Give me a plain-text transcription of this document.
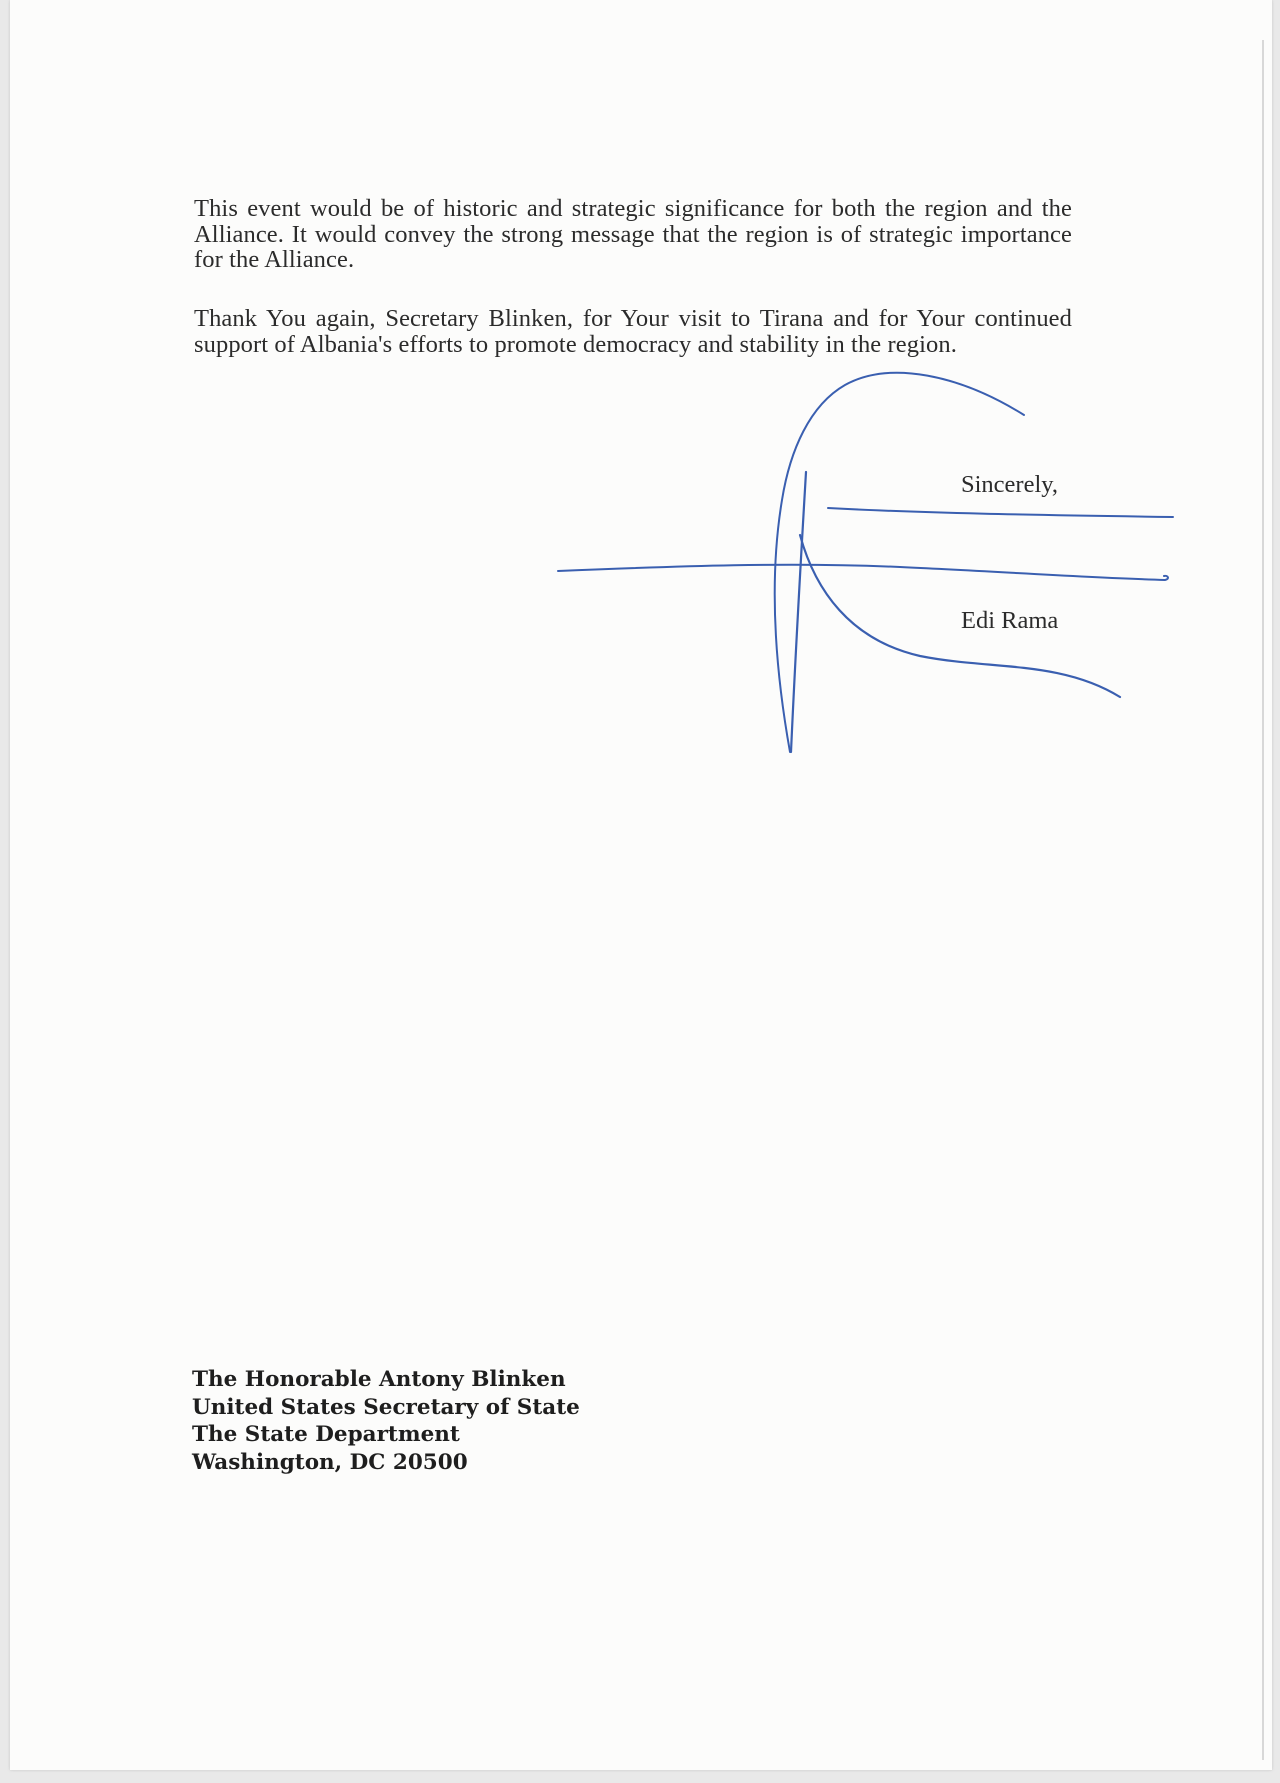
This event would be of historic and strategic significance for both the region and the Alliance. It would convey the strong message that the region is of strategic importance for the Alliance.

Thank You again, Secretary Blinken, for Your visit to Tirana and for Your continued support of Albania's efforts to promote democracy and stability in the region.

Sincerely,
Edi Rama
The Honorable Antony Blinken
United States Secretary of State
The State Department
Washington, DC 20500
